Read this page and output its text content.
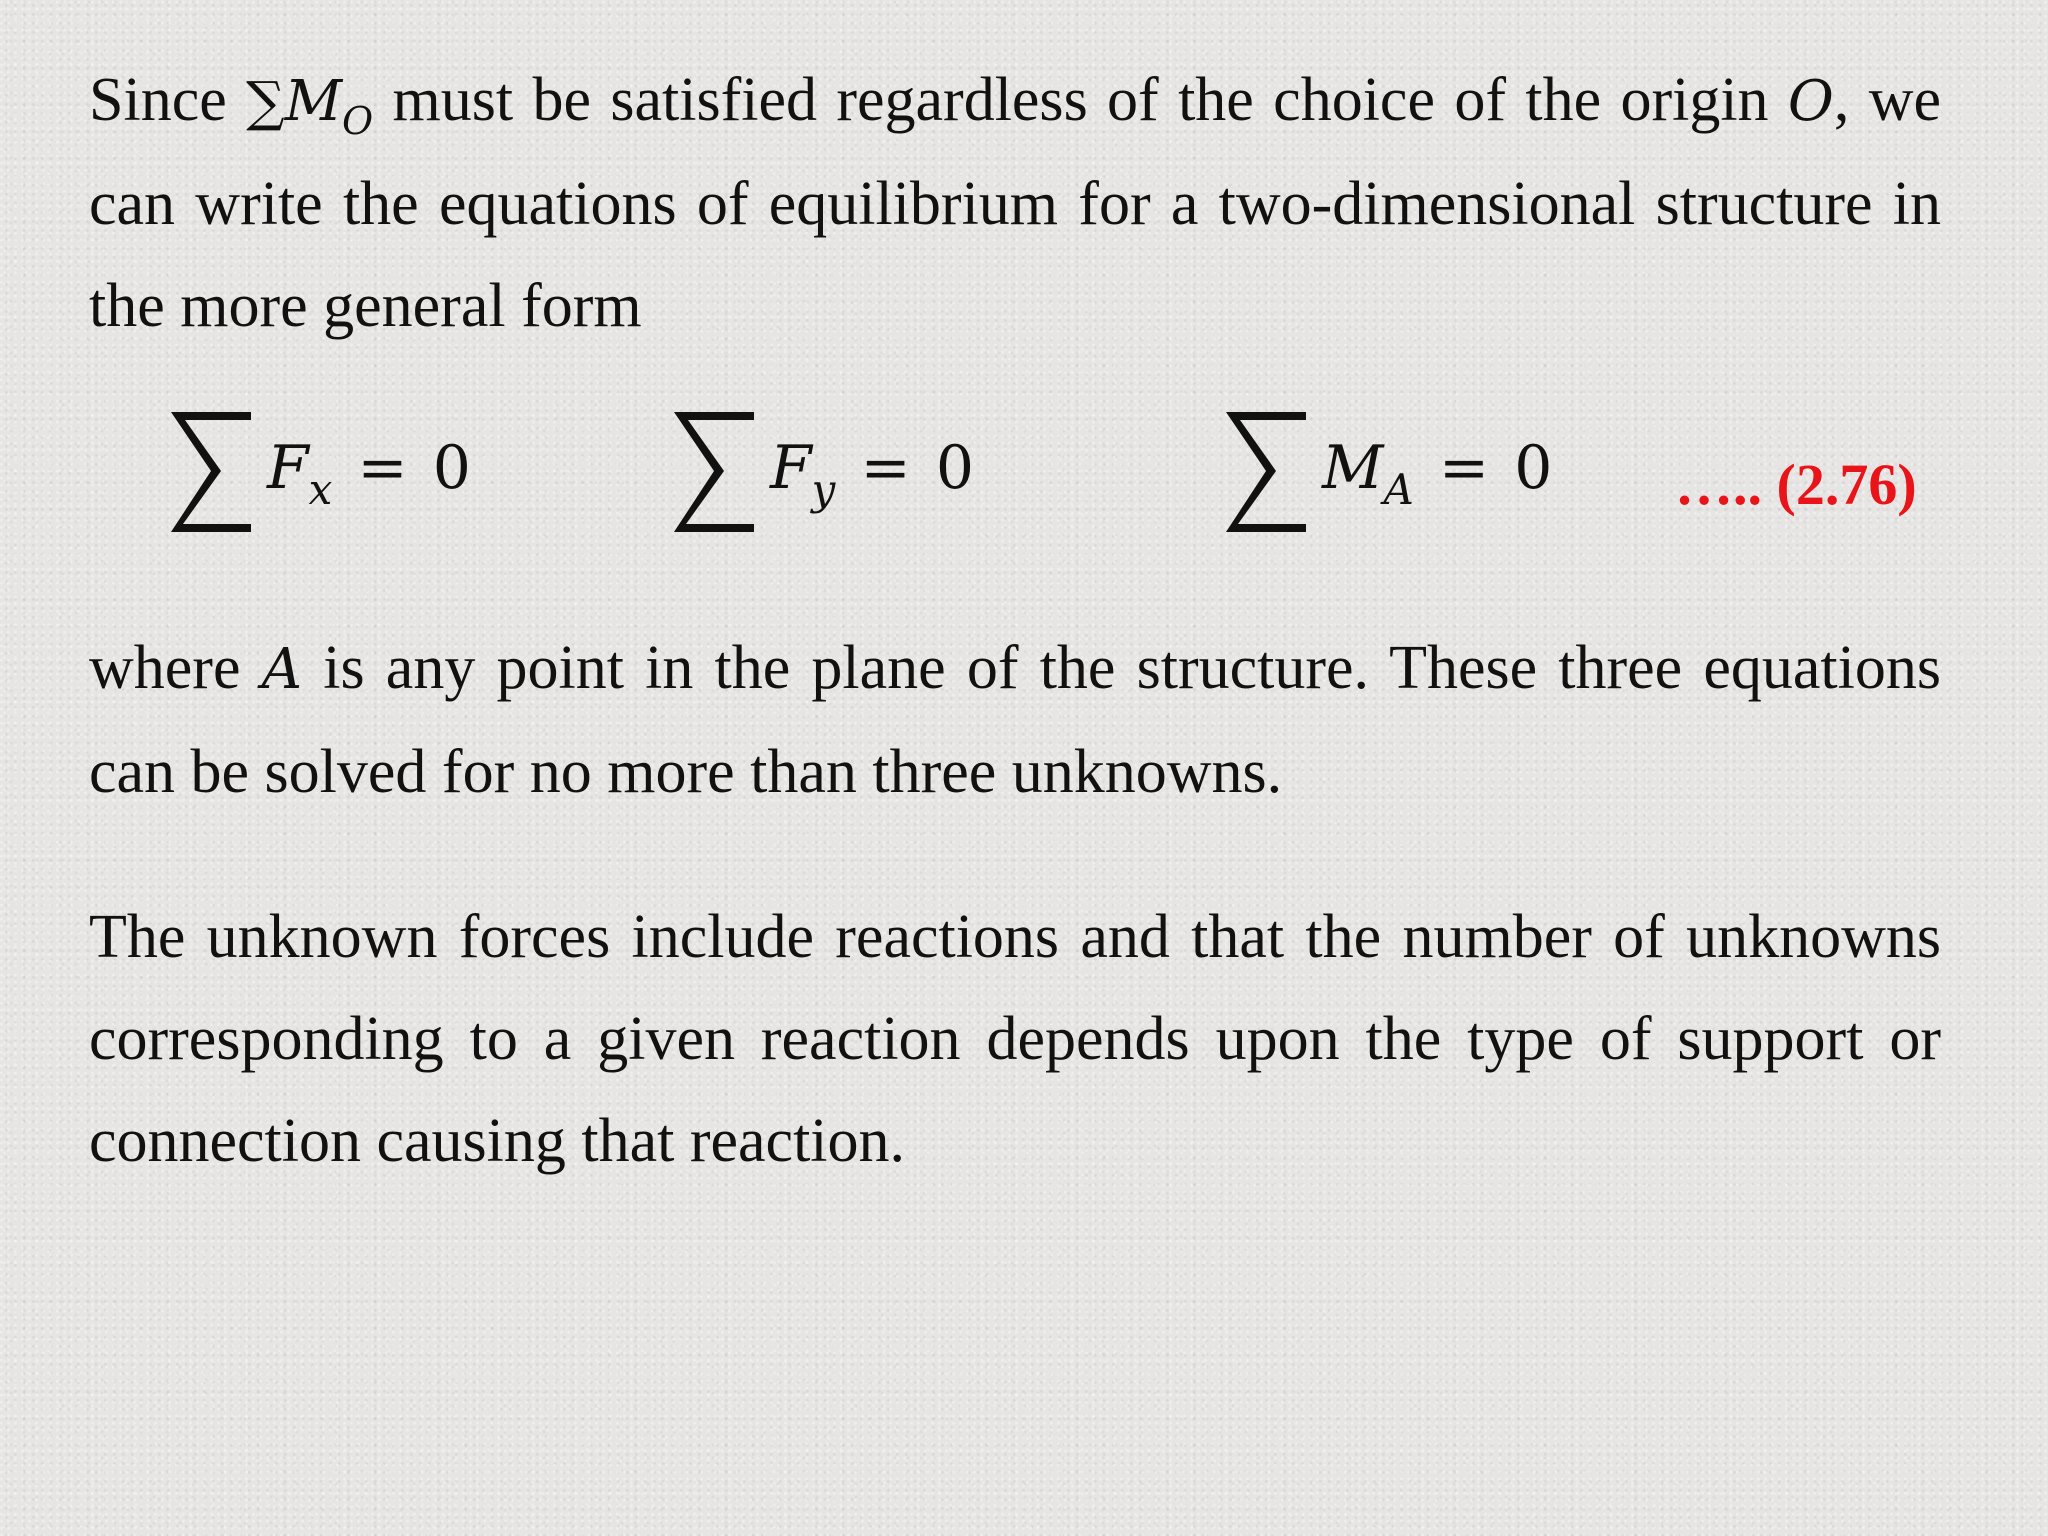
Since $\sum M_O$ must be satisfied regardless of the choice of the origin O, we can write the equations of equilibrium for a two-dimensional structure in the more general form

$F_x = 0$	$F_y = 0$	$M_A = 0$ ….. (2.76)

where A is any point in the plane of the structure. These three equations can be solved for no more than three unknowns.

The unknown forces include reactions and that the number of unknowns corresponding to a given reaction depends upon the type of support or connection causing that reaction.
